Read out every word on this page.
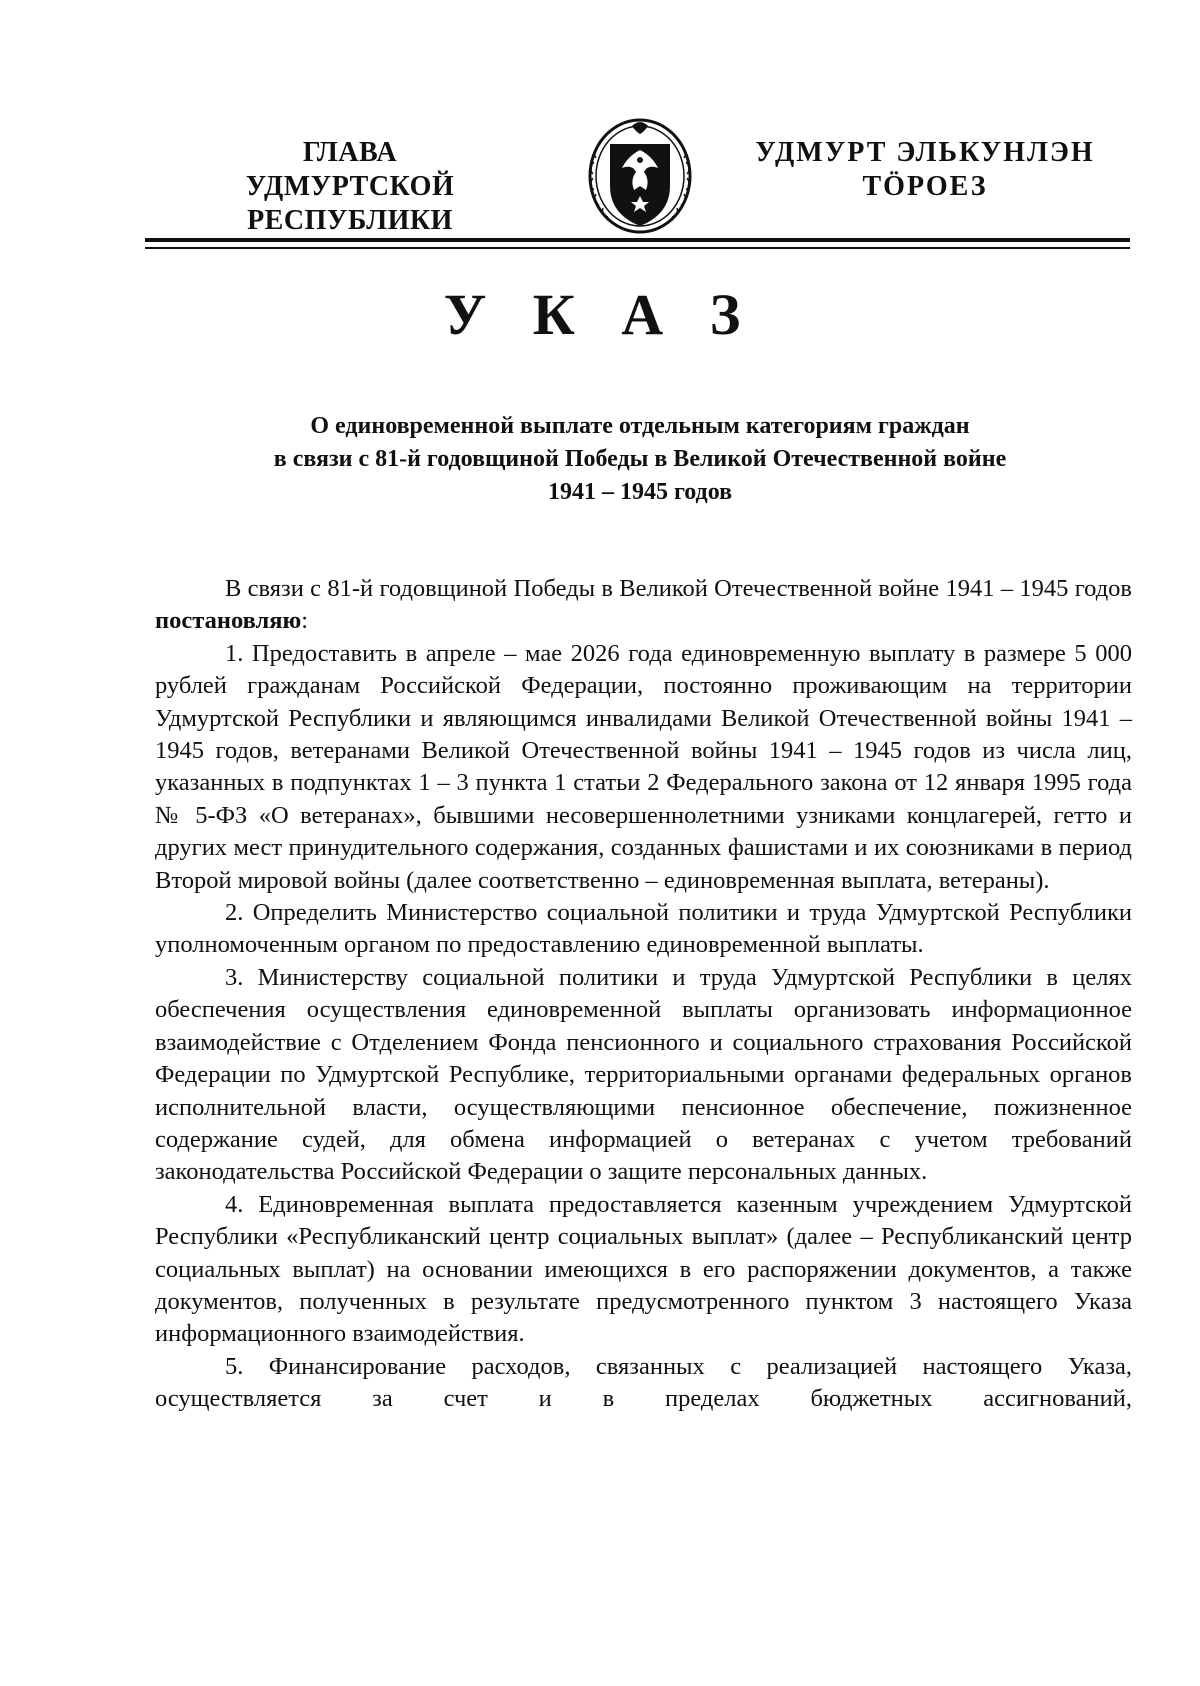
ГЛАВА
УДМУРТСКОЙ РЕСПУБЛИКИ
УДМУРТ ЭЛЬКУНЛЭН
ТӦРОЕЗ
У К А З
О единовременной выплате отдельным категориям граждан
в связи с 81-й годовщиной Победы в Великой Отечественной войне
1941 – 1945 годов

В связи с 81-й годовщиной Победы в Великой Отечественной войне 1941 – 1945 годов постановляю:

1. Предоставить в апреле – мае 2026 года единовременную выплату в размере 5 000 рублей гражданам Российской Федерации, постоянно проживающим на территории Удмуртской Республики и являющимся инвалидами Великой Отечественной войны 1941 – 1945 годов, ветеранами Великой Отечественной войны 1941 – 1945 годов из числа лиц, указанных в подпунктах 1 – 3 пункта 1 статьи 2 Федерального закона от 12 января 1995 года № 5-ФЗ «О ветеранах», бывшими несовершеннолетними узниками концлагерей, гетто и других мест принудительного содержания, созданных фашистами и их союзниками в период Второй мировой войны (далее соответственно – единовременная выплата, ветераны).

2. Определить Министерство социальной политики и труда Удмуртской Республики уполномоченным органом по предоставлению единовременной выплаты.

3. Министерству социальной политики и труда Удмуртской Республики в целях обеспечения осуществления единовременной выплаты организовать информационное взаимодействие с Отделением Фонда пенсионного и социального страхования Российской Федерации по Удмуртской Республике, территориальными органами федеральных органов исполнительной власти, осуществляющими пенсионное обеспечение, пожизненное содержание судей, для обмена информацией о ветеранах с учетом требований законодательства Российской Федерации о защите персональных данных.

4. Единовременная выплата предоставляется казенным учреждением Удмуртской Республики «Республиканский центр социальных выплат» (далее – Республиканский центр социальных выплат) на основании имеющихся в его распоряжении документов, а также документов, полученных в результате предусмотренного пунктом 3 настоящего Указа информационного взаимодействия.

5. Финансирование расходов, связанных с реализацией настоящего Указа, осуществляется за счет и в пределах бюджетных ассигнований,
